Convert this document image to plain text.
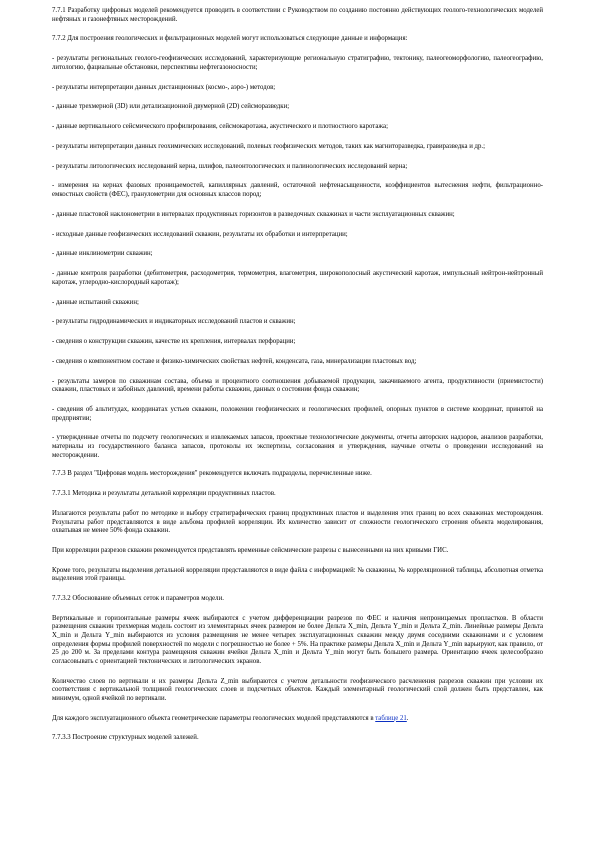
7.7.1 Разработку цифровых моделей рекомендуется проводить в соответствии с Руководством по созданию постоянно действующих геолого-технологических моделей нефтяных и газонефтяных месторождений.

7.7.2 Для построения геологических и фильтрационных моделей могут использоваться следующие данные и информация:

- результаты региональных геолого-геофизических исследований, характеризующие региональную стратиграфию, тектонику, палеогеоморфологию, палеогеографию, литологию, фациальные обстановки, перспективы нефтегазоносности;

- результаты интерпретации данных дистанционных (космо-, аэро-) методов;

- данные трехмерной (3D) или детализационной двумерной (2D) сейсморазведки;

- данные вертикального сейсмического профилирования, сейсмокаротажа, акустического и плотностного каротажа;

- результаты интерпретации данных геохимических исследований, полевых геофизических методов, таких как магниторазведка, гравиразведка и др.;

- результаты литологических исследований керна, шлифов, палеонтологических и палинологических исследований керна;

- измерения на кернах фазовых проницаемостей, капиллярных давлений, остаточной нефтенасыщенности, коэффициентов вытеснения нефти, фильтрационно-емкостных свойств (ФЕС), гранулометрии для основных классов пород;

- данные пластовой наклонометрии в интервалах продуктивных горизонтов в разведочных скважинах и части эксплуатационных скважин;

- исходные данные геофизических исследований скважин, результаты их обработки и интерпретации;

- данные инклинометрии скважин;

- данные контроля разработки (дебитометрия, расходометрия, термометрия, влагометрия, широкополосный акустический каротаж, импульсный нейтрон-нейтронный каротаж, углеродно-кислородный каротаж);

- данные испытаний скважин;

- результаты гидродинамических и индикаторных исследований пластов и скважин;

- сведения о конструкции скважин, качестве их крепления, интервалах перфорации;

- сведения о компонентном составе и физико-химических свойствах нефтей, конденсата, газа, минерализации пластовых вод;

- результаты замеров по скважинам состава, объема и процентного соотношения добываемой продукции, закачиваемого агента, продуктивности (приемистости) скважин, пластовых и забойных давлений, времени работы скважин, данных о состоянии фонда скважин;

- сведения об альтитудах, координатах устьев скважин, положении геофизических и геологических профилей, опорных пунктов в системе координат, принятой на предприятии;

- утвержденные отчеты по подсчету геологических и извлекаемых запасов, проектные технологические документы, отчеты авторских надзоров, анализов разработки, материалы из государственного баланса запасов, протоколы их экспертизы, согласования и утверждения, научные отчеты о проведении исследований на месторождении.

7.7.3 В раздел "Цифровая модель месторождения" рекомендуется включать подразделы, перечисленные ниже.

7.7.3.1 Методика и результаты детальной корреляции продуктивных пластов.

Излагаются результаты работ по методике и выбору стратиграфических границ продуктивных пластов и выделения этих границ во всех скважинах месторождения. Результаты работ представляются в виде альбома профилей корреляции. Их количество зависит от сложности геологического строения объекта моделирования, охватывая не менее 50% фонда скважин.

При корреляции разрезов скважин рекомендуется представлять временные сейсмические разрезы с вынесенными на них кривыми ГИС.

Кроме того, результаты выделения детальной корреляции представляются в виде файла с информацией: № скважины, № корреляционной таблицы, абсолютная отметка выделения этой границы.

7.7.3.2 Обоснование объемных сеток и параметров модели.

Вертикальные и горизонтальные размеры ячеек выбираются с учетом дифференциации разрезов по ФЕС и наличия непроницаемых пропластков. В области размещения скважин трехмерная модель состоит из элементарных ячеек размером не более Дельта X_min, Дельта Y_min и Дельта Z_min. Линейные размеры Дельта X_min и Дельта Y_min выбираются из условия размещения не менее четырех эксплуатационных скважин между двумя соседними скважинами и с условием определения формы профилей поверхностей по модели с погрешностью не более + 5%. На практике размеры Дельта X_min и Дельта Y_min варьируют, как правило, от 25 до 200 м. За пределами контура размещения скважин ячейки Дельта X_min и Дельта Y_min могут быть большего размера. Ориентацию ячеек целесообразно согласовывать с ориентацией тектонических и литологических экранов.

Количество слоев по вертикали и их размеры Дельта Z_min выбираются с учетом детальности геофизического расчленения разрезов скважин при условии их соответствия с вертикальной толщиной геологических слоев и подсчетных объектов. Каждый элементарный геологический слой должен быть представлен, как минимум, одной ячейкой по вертикали.

Для каждого эксплуатационного объекта геометрические параметры геологических моделей представляются в таблице 21.

7.7.3.3 Построение структурных моделей залежей.
